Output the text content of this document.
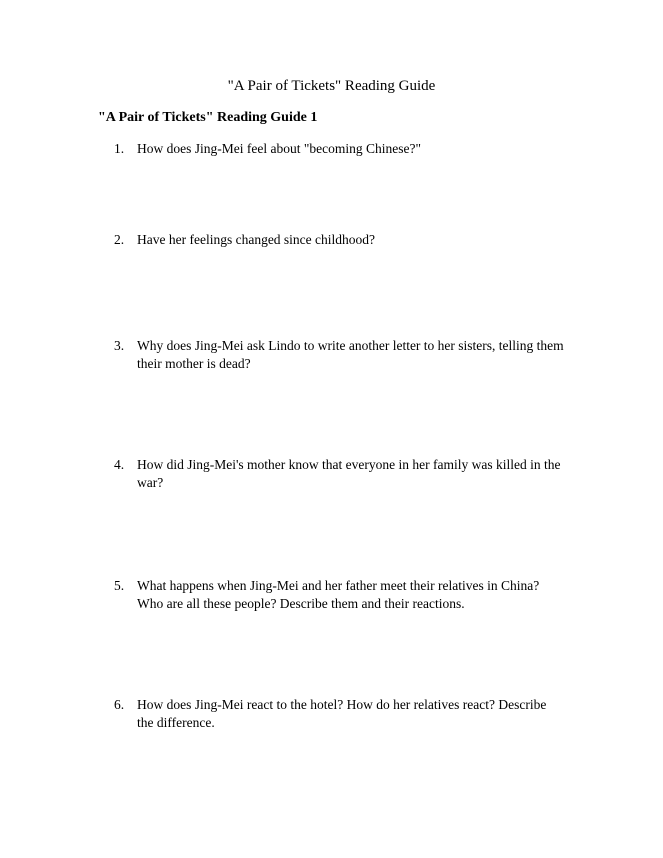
"A Pair of Tickets" Reading Guide
"A Pair of Tickets" Reading Guide 1
1. How does Jing-Mei feel about "becoming Chinese?"
2. Have her feelings changed since childhood?
3. Why does Jing-Mei ask Lindo to write another letter to her sisters, telling them their mother is dead?
4. How did Jing-Mei's mother know that everyone in her family was killed in the war?
5. What happens when Jing-Mei and her father meet their relatives in China? Who are all these people? Describe them and their reactions.
6. How does Jing-Mei react to the hotel? How do her relatives react? Describe the difference.
